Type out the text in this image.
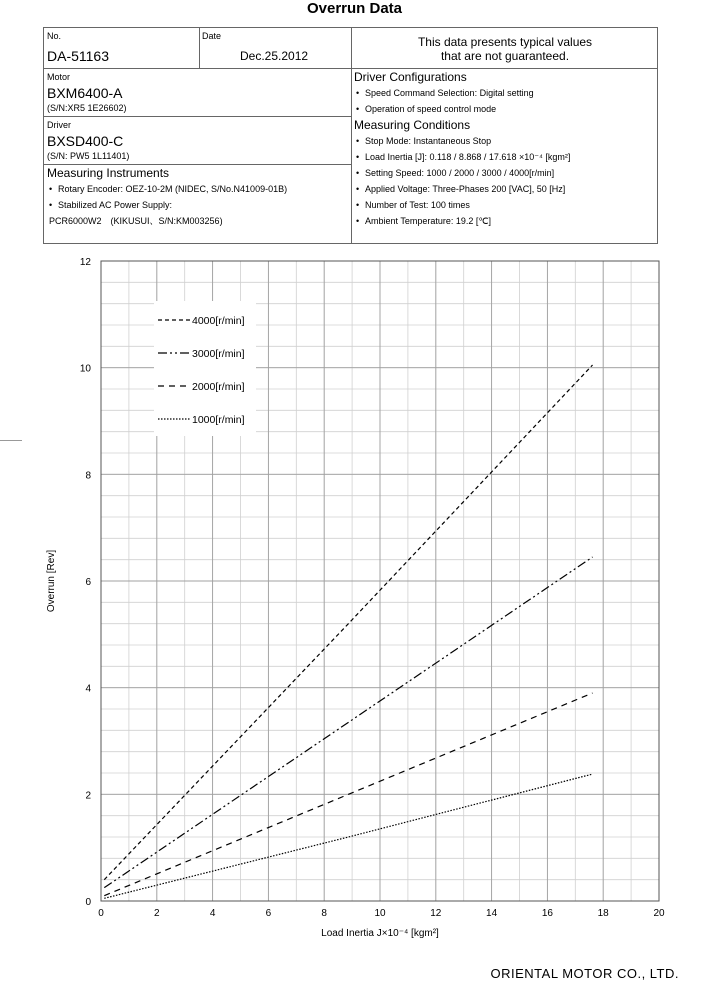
Overrun Data
No.
DA-51163
Date
Dec.25.2012
This data presents typical values
that are not guaranteed.
Motor
BXM6400-A
(S/N:XR5 1E26602)
Driver
BXSD400-C
(S/N: PW5 1L11401)
Measuring Instruments
• Rotary Encoder: OEZ-10-2M (NIDEC, S/No.N41009-01B)
• Stabilized AC Power Supply:
PCR6000W2　(KIKUSUI、S/N:KM003256)
Driver Configurations
• Speed Command Selection: Digital setting
• Operation of speed control mode
Measuring Conditions
• Stop Mode: Instantaneous Stop
• Load Inertia [J]: 0.118 / 8.868 / 17.618 ×10⁻⁴ [kgm²]
• Setting Speed: 1000 / 2000 / 3000 / 4000[r/min]
• Applied Voltage: Three-Phases 200 [VAC], 50 [Hz]
• Number of Test: 100 times
• Ambient Temperature: 19.2 [℃]
0	2	4	6	8	10	12	14	16	18	20
0
2
4
6
8
10
12
4000[r/min]
3000[r/min]
2000[r/min]
1000[r/min]
Load Inertia J×10⁻⁴ [kgm²]
Overrun [Rev]
ORIENTAL MOTOR CO., LTD.
